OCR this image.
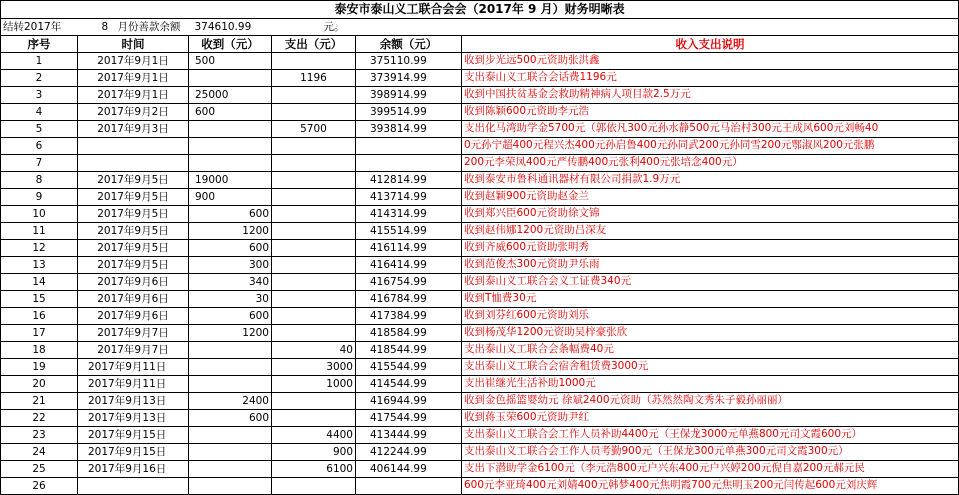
泰安市泰山义工联合会会（2017年 9 月）财务明晰表					
结转2017年	8 月份善款余额	374610.99	元。		
序号	时间	收到（元）	支出（元）	余额（元）	收入支出说明
1	2017年9月1日	500		375110.99	收到步光远500元资助张洪鑫

2	2017年9月1日		1196	373914.99	支出泰山义工联合会话费1196元

3	2017年9月1日	25000		398914.99	收到中国扶贫基金会救助精神病人项目款2.5万元

4	2017年9月2日	600		399514.99	收到陈颖600元资助李元浩

5	2017年9月3日		5700	393814.99	支出化马湾助学金5700元（郭依凡300元孙水静500元马治村300元王成风600元刘畅40

6					0元孙宁超400元程兴杰400元孙启鲁400元孙同武200元孙同雪200元鄂淑风200元张鹏

7					200元李荣凤400元严传鹏400元张利400元张培念400元）

8	2017年9月5日	19000		412814.99	收到泰安市鲁科通讯器材有限公司捐款1.9万元

9	2017年9月5日	900		413714.99	收到赵颖900元资助赵金兰

10	2017年9月5日	600		414314.99	收到郑兴臣600元资助徐文锦

11	2017年9月5日	1200		415514.99	收到赵伟娜1200元资助吕深友

12	2017年9月5日	600		416114.99	收到齐威600元资助张明秀

13	2017年9月5日	300		416414.99	收到范俊杰300元资助尹乐雨

14	2017年9月6日	340		416754.99	收到泰山义工联合会义工证费340元

15	2017年9月6日	30		416784.99	收到T恤费30元

16	2017年9月6日	600		417384.99	收到刘芬红600元资助刘乐

17	2017年9月7日	1200		418584.99	收到杨茂华1200元资助吴梓豪张欣

18	2017年9月7日		40	418544.99	支出泰山义工联合会条幅费40元

19	2017年9月11日		3000	415544.99	支出泰山义工联合会宿舍租赁费3000元

20	2017年9月11日		1000	414544.99	支出崔继光生活补助1000元

21	2017年9月13日	2400		416944.99	收到金色摇篮婴幼元 徐斌2400元资助（苏然然陶文秀朱子毅孙丽丽）

22	2017年9月13日	600		417544.99	收到蒋玉荣600元资助尹红

23	2017年9月15日		4400	413444.99	支出泰山义工联合会工作人员补助4400元（王保龙3000元单燕800元司文霞600元）

24	2017年9月15日		900	412244.99	支出泰山义工联合会工作人员考勤900元（王保龙300元单燕300元司文霞300元）

25	2017年9月16日		6100	406144.99	支出下潜助学金6100元（李元浩800元户兴东400元户兴婷200元倪自嘉200元郝元民

26					600元李亚琦400元刘婧400元韩梦400元焦明霞700元焦明玉200元闫传起600元刘庆辉
